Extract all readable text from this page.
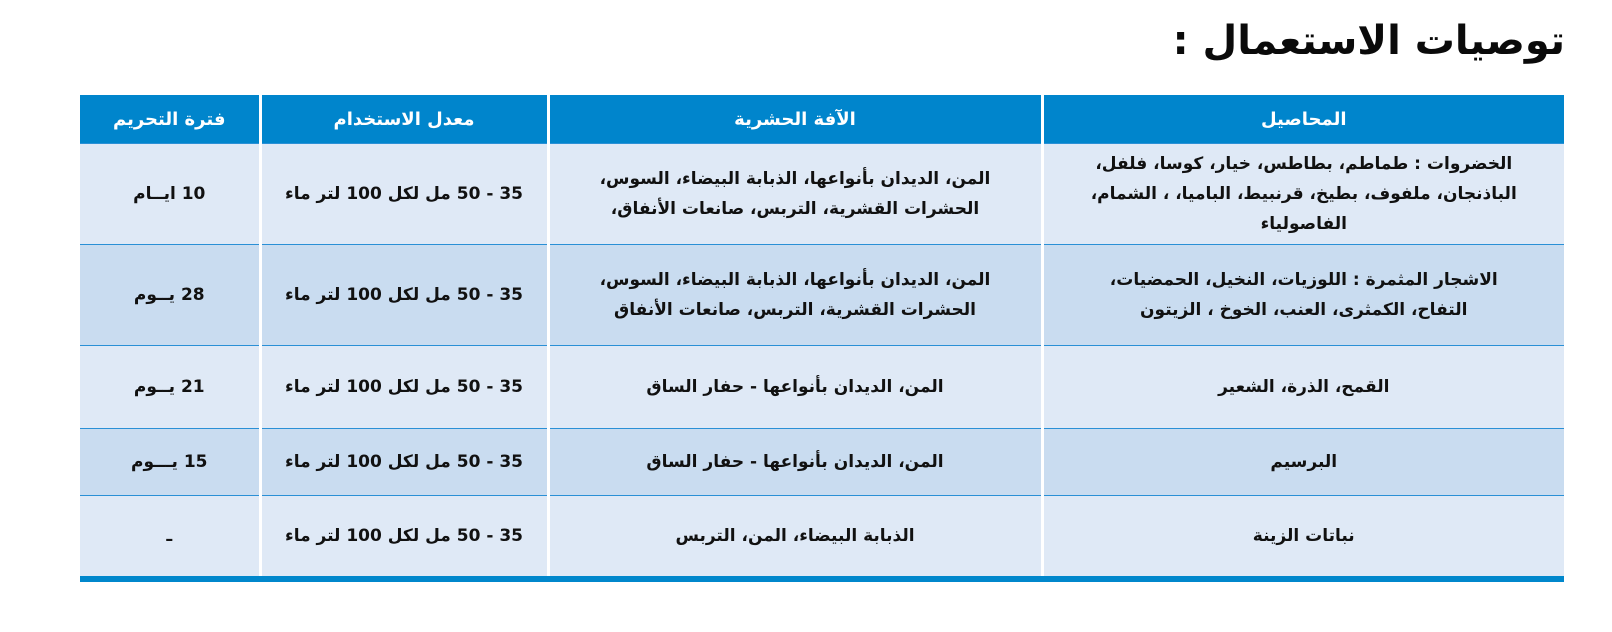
توصيات الاستعمال :
المحاصيل	الآفة الحشرية	معدل الاستخدام	فترة التحريم

الخضروات : طماطم، بطاطس، خيار، كوسا، فلفل، الباذنجان، ملفوف، بطيخ، قرنبيط، الباميا، ، الشمام، الفاصولياء	المن، الديدان بأنواعها، الذبابة البيضاء، السوس، الحشرات القشرية، التربس، صانعات الأنفاق،	35 - 50 مل لكل 100 لتر ماء	10 ايــام

الاشجار المثمرة : اللوزيات، النخيل، الحمضيات، التفاح، الكمثرى، العنب، الخوخ ، الزيتون	المن، الديدان بأنواعها، الذبابة البيضاء، السوس، الحشرات القشرية، التربس، صانعات الأنفاق	35 - 50 مل لكل 100 لتر ماء	28 يــوم
القمح، الذرة، الشعير	المن، الديدان بأنواعها - حفار الساق	35 - 50 مل لكل 100 لتر ماء	21 يــوم
البرسيم	المن، الديدان بأنواعها - حفار الساق	35 - 50 مل لكل 100 لتر ماء	15 يـــوم
نباتات الزينة	الذبابة البيضاء، المن، التربس	35 - 50 مل لكل 100 لتر ماء	ـ
